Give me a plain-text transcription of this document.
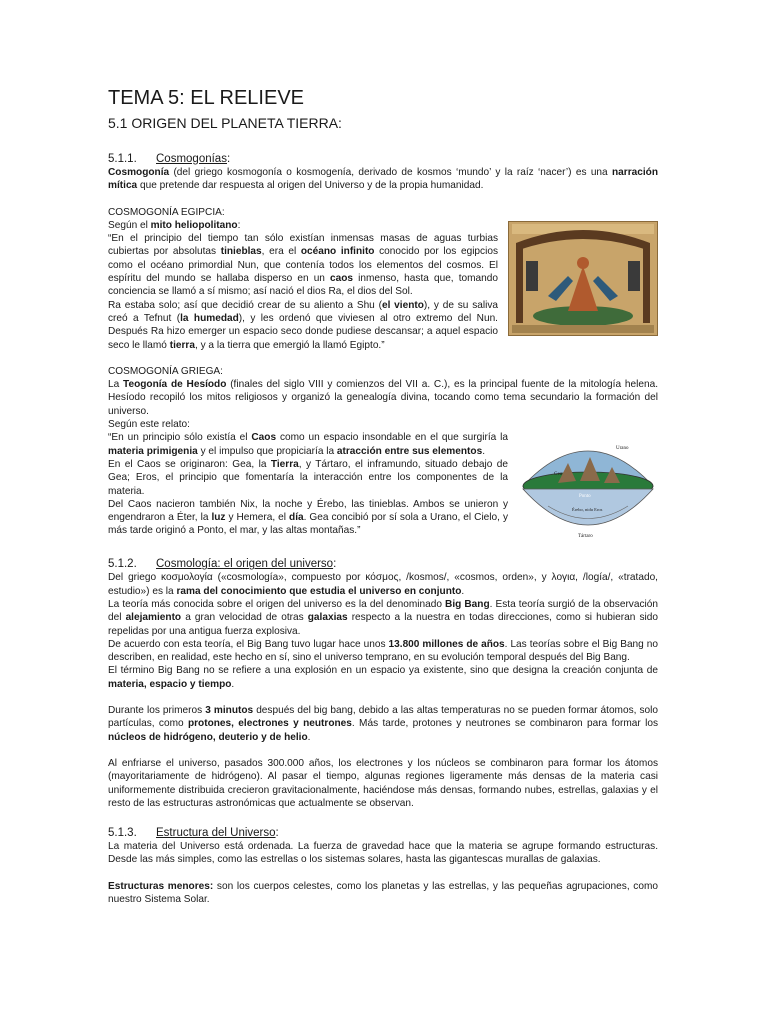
TEMA 5: EL RELIEVE
5.1 ORIGEN DEL PLANETA TIERRA:
5.1.1. Cosmogonías:

Cosmogonía (del griego kosmogonía o kosmogenía, derivado de kosmos ‘mundo’ y la raíz ‘nacer’) es una narración mítica que pretende dar respuesta al origen del Universo y de la propia humanidad.

COSMOGONÍA EGIPCIA:

Según el mito heliopolitano:

“En el principio del tiempo tan sólo existían inmensas masas de aguas turbias cubiertas por absolutas tinieblas, era el océano infinito conocido por los egipcios como el océano primordial Nun, que contenía todos los elementos del cosmos. El espíritu del mundo se hallaba disperso en un caos inmenso, hasta que, tomando conciencia se llamó a sí mismo; así nació el dios Ra, el dios del Sol.

Ra estaba solo; así que decidió crear de su aliento a Shu (el viento), y de su saliva creó a Tefnut (la humedad), y les ordenó que viviesen al otro extremo del Nun. Después Ra hizo emerger un espacio seco donde pudiese descansar; a aquel espacio seco le llamó tierra, y a la tierra que emergió la llamó Egipto.”

COSMOGONÍA GRIEGA:

La Teogonía de Hesíodo (finales del siglo VIII y comienzos del VII a. C.), es la principal fuente de la mitología helena. Hesíodo recopiló los mitos religiosos y organizó la genealogía divina, tocando como tema secundario la formación del universo.

Según este relato:

Urano
Gea
Ponto
Érebo, nidu Eros
Tártaro

“En un principio sólo existía el Caos como un espacio insondable en el que surgiría la materia primigenia y el impulso que propiciaría la atracción entre sus elementos.

En el Caos se originaron: Gea, la Tierra, y Tártaro, el inframundo, situado debajo de Gea; Eros, el principio que fomentaría la interacción entre los componentes de la materia.

Del Caos nacieron también Nix, la noche y Érebo, las tinieblas. Ambos se unieron y engendraron a Éter, la luz y Hemera, el día. Gea concibió por sí sola a Urano, el Cielo, y más tarde originó a Ponto, el mar, y las altas montañas.”

5.1.2. Cosmología: el origen del universo:

Del griego κοσμολογία («cosmología», compuesto por κόσμος, /kosmos/, «cosmos, orden», y λογια, /logía/, «tratado, estudio») es la rama del conocimiento que estudia el universo en conjunto.

La teoría más conocida sobre el origen del universo es la del denominado Big Bang. Esta teoría surgió de la observación del alejamiento a gran velocidad de otras galaxias respecto a la nuestra en todas direcciones, como si hubieran sido repelidas por una antigua fuerza explosiva.

De acuerdo con esta teoría, el Big Bang tuvo lugar hace unos 13.800 millones de años. Las teorías sobre el Big Bang no describen, en realidad, este hecho en sí, sino el universo temprano, en su evolución temporal después del Big Bang.

El término Big Bang no se refiere a una explosión en un espacio ya existente, sino que designa la creación conjunta de materia, espacio y tiempo.

Durante los primeros 3 minutos después del big bang, debido a las altas temperaturas no se pueden formar átomos, solo partículas, como protones, electrones y neutrones. Más tarde, protones y neutrones se combinaron para formar los núcleos de hidrógeno, deuterio y de helio.

Al enfriarse el universo, pasados 300.000 años, los electrones y los núcleos se combinaron para formar los átomos (mayoritariamente de hidrógeno). Al pasar el tiempo, algunas regiones ligeramente más densas de la materia casi uniformemente distribuida crecieron gravitacionalmente, haciéndose más densas, formando nubes, estrellas, galaxias y el resto de las estructuras astronómicas que actualmente se observan.

5.1.3. Estructura del Universo:

La materia del Universo está ordenada. La fuerza de gravedad hace que la materia se agrupe formando estructuras. Desde las más simples, como las estrellas o los sistemas solares, hasta las gigantescas murallas de galaxias.

Estructuras menores: son los cuerpos celestes, como los planetas y las estrellas, y las pequeñas agrupaciones, como nuestro Sistema Solar.
